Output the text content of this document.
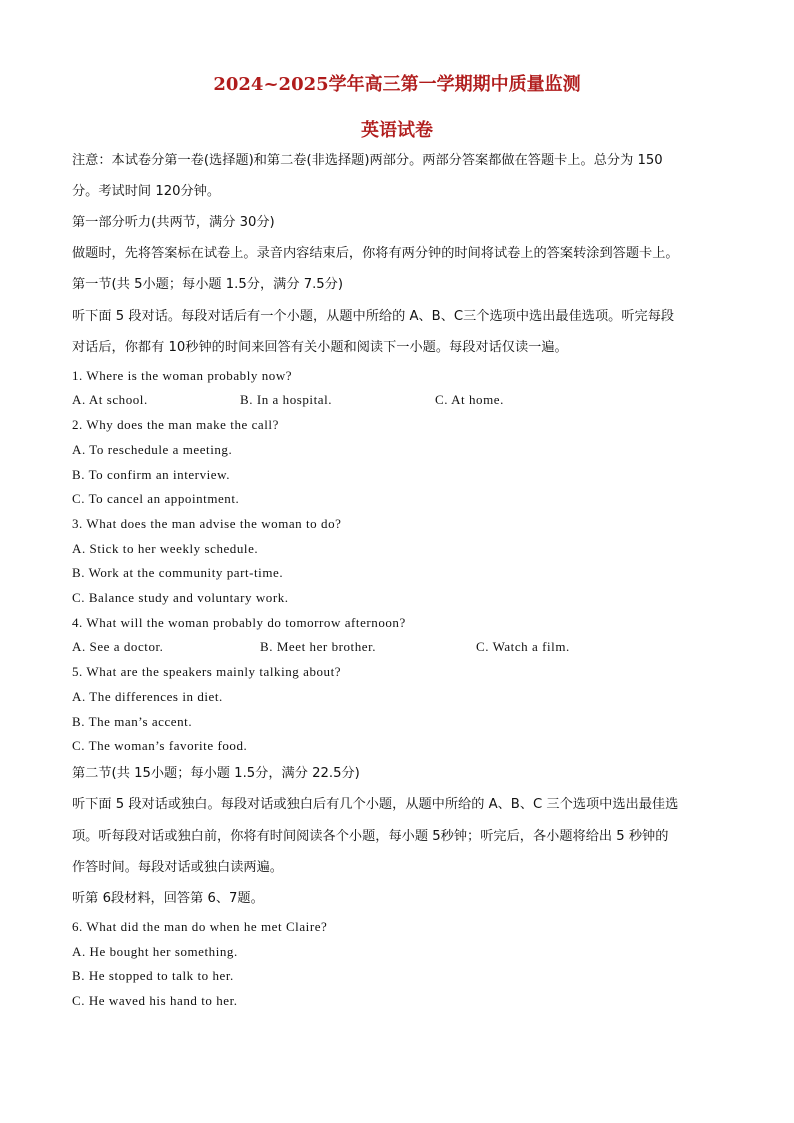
2024~2025学年高三第一学期期中质量监测
英语试卷
注意：本试卷分第一卷(选择题)和第二卷(非选择题)两部分。两部分答案都做在答题卡上。总分为 150
分。考试时间 120分钟。
第一部分听力(共两节，满分 30分)
做题时，先将答案标在试卷上。录音内容结束后，你将有两分钟的时间将试卷上的答案转涂到答题卡上。
第一节(共 5小题；每小题 1.5分，满分 7.5分)
听下面 5 段对话。每段对话后有一个小题，从题中所给的 A、B、C三个选项中选出最佳选项。听完每段
对话后，你都有 10秒钟的时间来回答有关小题和阅读下一小题。每段对话仅读一遍。
1. Where is the woman probably now?
A. At school.	B. In a hospital.	C. At home.
2. Why does the man make the call?
A. To reschedule a meeting.
B. To confirm an interview.
C. To cancel an appointment.
3. What does the man advise the woman to do?
A. Stick to her weekly schedule.
B. Work at the community part-time.
C. Balance study and voluntary work.
4. What will the woman probably do tomorrow afternoon?
A. See a doctor.	B. Meet her brother.	C. Watch a film.
5. What are the speakers mainly talking about?
A. The differences in diet.
B. The man’s accent.
C. The woman’s favorite food.
第二节(共 15小题；每小题 1.5分，满分 22.5分)
听下面 5 段对话或独白。每段对话或独白后有几个小题，从题中所给的 A、B、C 三个选项中选出最佳选
项。听每段对话或独白前，你将有时间阅读各个小题，每小题 5秒钟；听完后，各小题将给出 5 秒钟的
作答时间。每段对话或独白读两遍。
听第 6段材料，回答第 6、7题。
6. What did the man do when he met Claire?
A. He bought her something.
B. He stopped to talk to her.
C. He waved his hand to her.
